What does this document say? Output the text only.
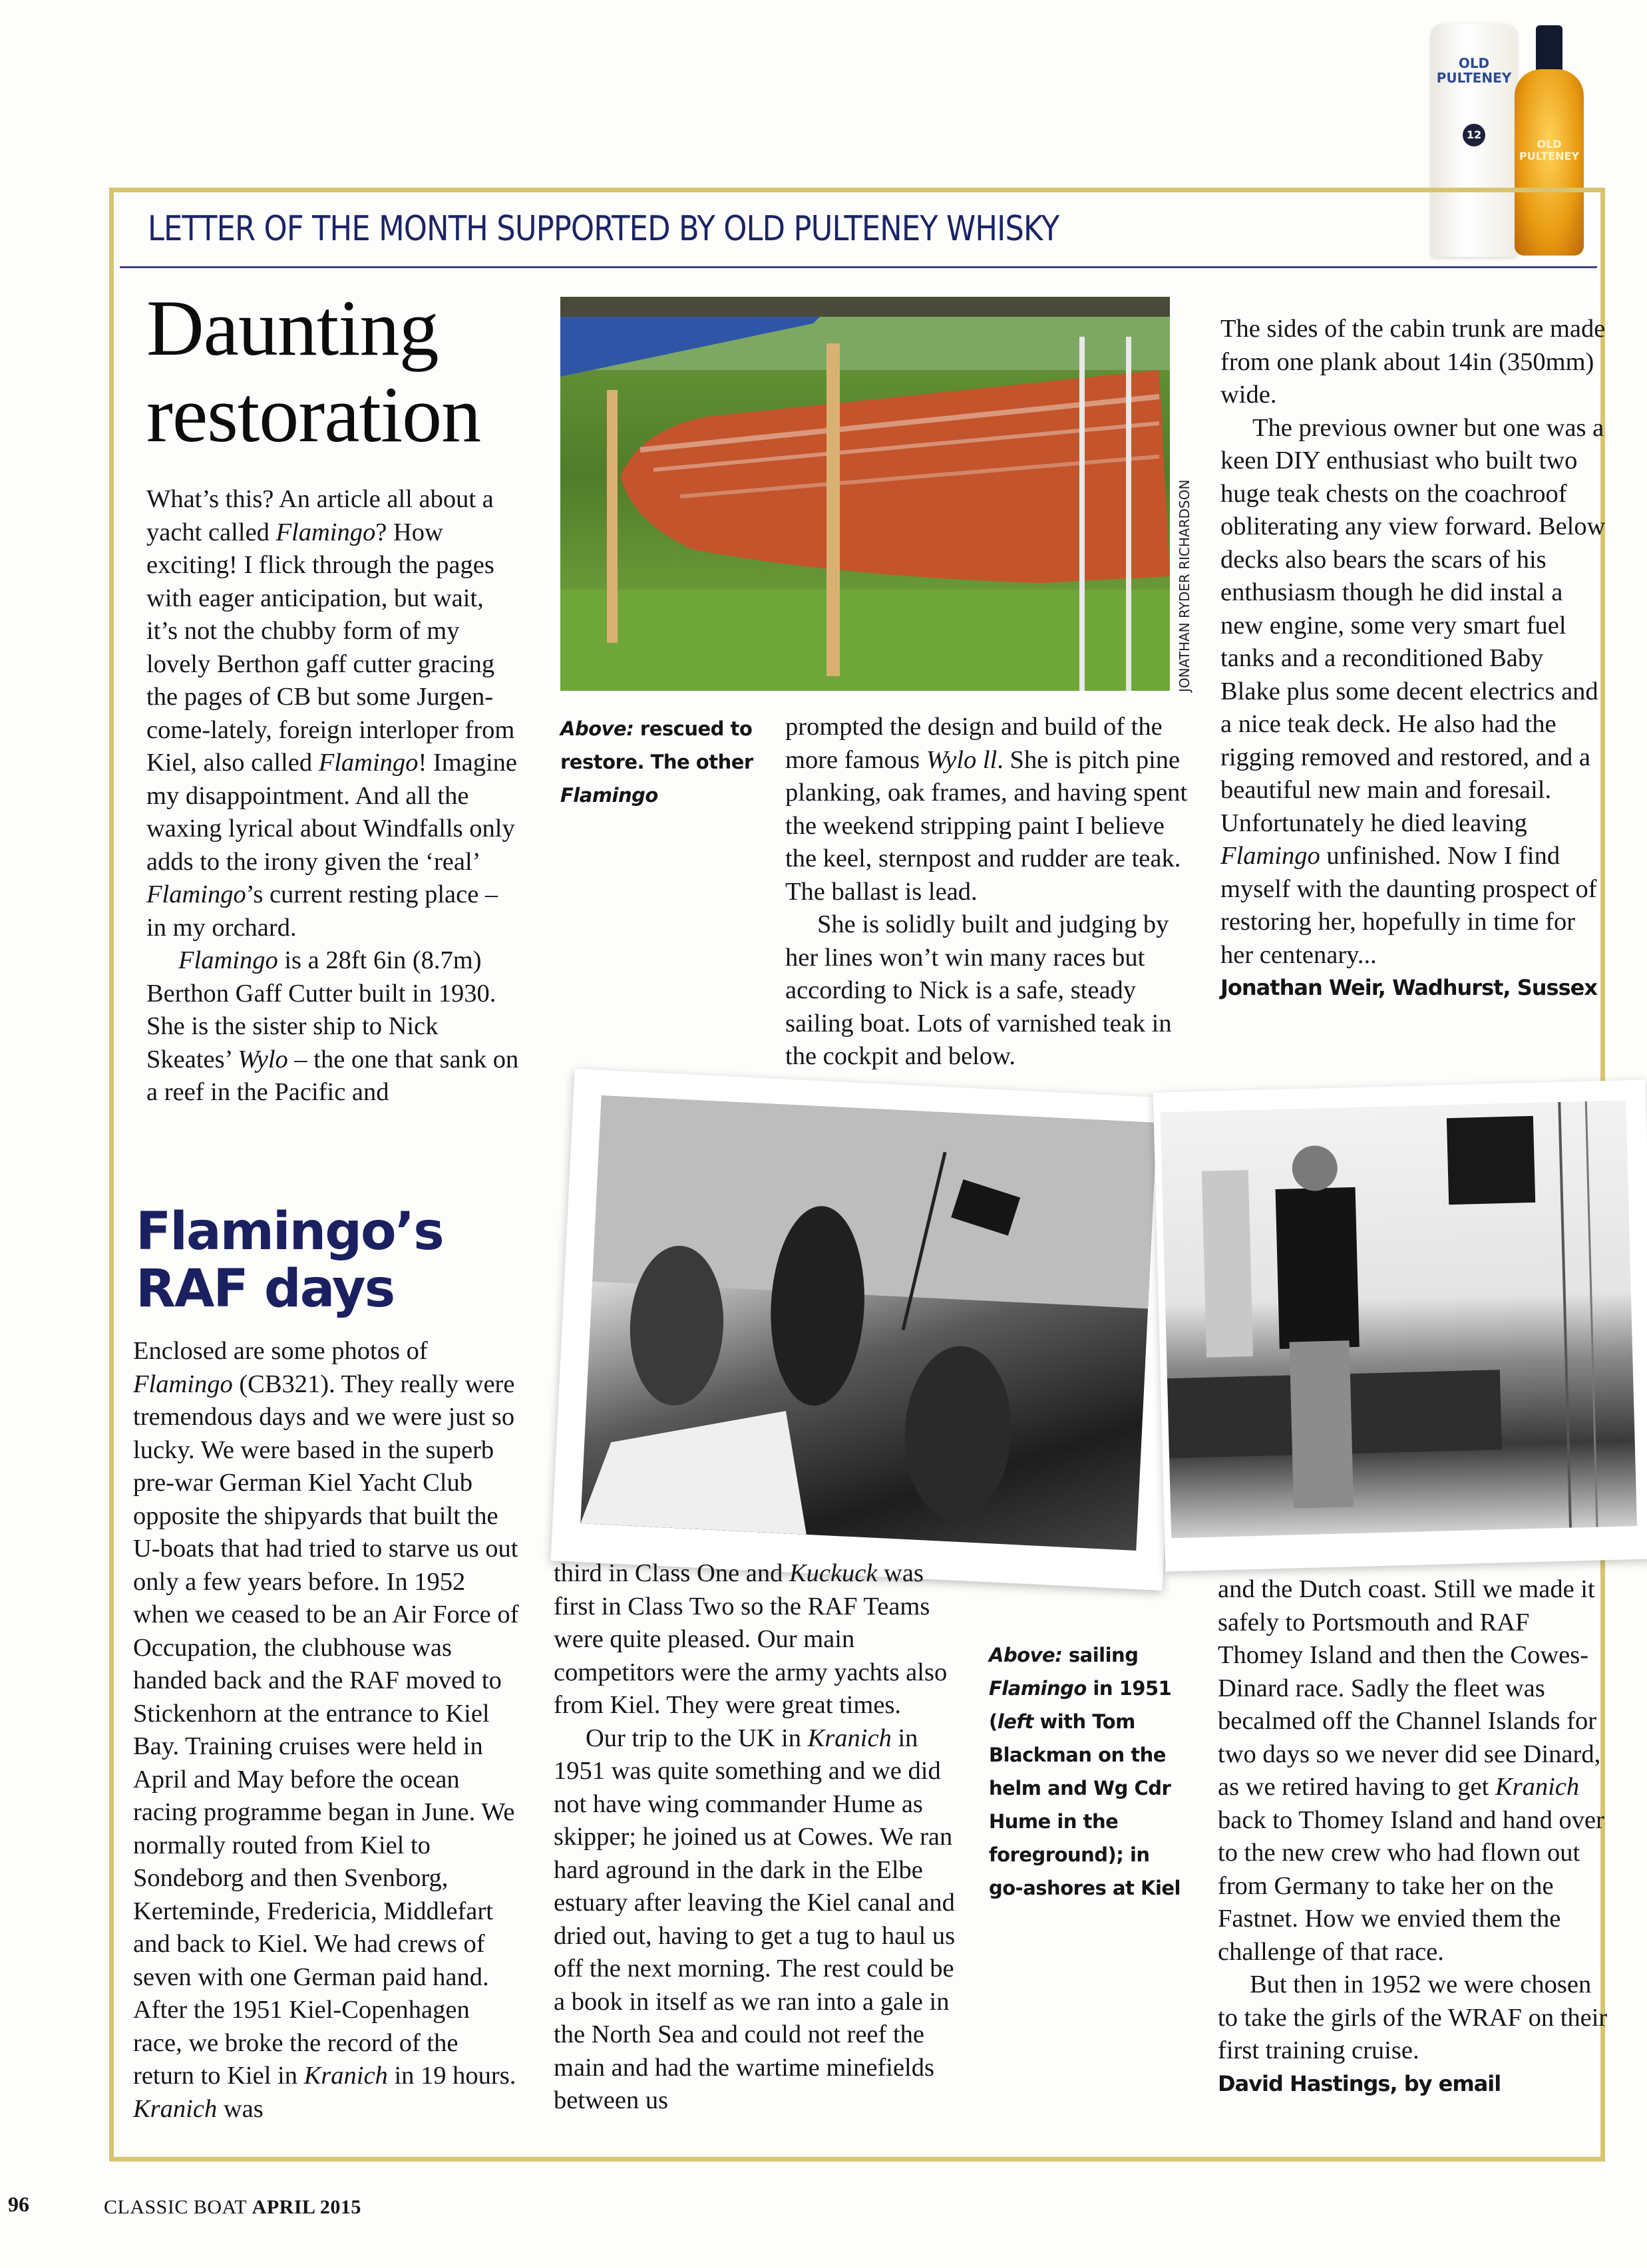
OLD
PULTENEY
12
OLD
PULTENEY
LETTER OF THE MONTH SUPPORTED BY OLD PULTENEY WHISKY
Daunting
restoration

What’s this? An article all about a yacht called Flamingo? How exciting! I flick through the pages with eager anticipation, but wait, it’s not the chubby form of my lovely Berthon gaff cutter gracing the pages of CB but some Jurgen-come-lately, foreign interloper from Kiel, also called Flamingo! Imagine my disappointment. And all the waxing lyrical about Windfalls only adds to the irony given the ‘real’ Flamingo’s current resting place – in my orchard.

Flamingo is a 28ft 6in (8.7m) Berthon Gaff Cutter built in 1930. She is the sister ship to Nick Skeates’ Wylo – the one that sank on a reef in the Pacific and

JONATHAN RYDER RICHARDSON
Above: rescued to restore. The other Flamingo

prompted the design and build of the more famous Wylo ll. She is pitch pine planking, oak frames, and having spent the weekend stripping paint I believe the keel, sternpost and rudder are teak. The ballast is lead.

She is solidly built and judging by her lines won’t win many races but according to Nick is a safe, steady sailing boat. Lots of varnished teak in the cockpit and below.

The sides of the cabin trunk are made from one plank about 14in (350mm) wide.

The previous owner but one was a keen DIY enthusiast who built two huge teak chests on the coachroof obliterating any view forward. Below decks also bears the scars of his enthusiasm though he did instal a new engine, some very smart fuel tanks and a reconditioned Baby Blake plus some decent electrics and a nice teak deck. He also had the rigging removed and restored, and a beautiful new main and foresail. Unfortunately he died leaving Flamingo unfinished. Now I find myself with the daunting prospect of restoring her, hopefully in time for her centenary...

Jonathan Weir, Wadhurst, Sussex

Flamingo’s
RAF days

Enclosed are some photos of Flamingo (CB321). They really were tremendous days and we were just so lucky. We were based in the superb pre-war German Kiel Yacht Club opposite the shipyards that built the U-boats that had tried to starve us out only a few years before. In 1952 when we ceased to be an Air Force of Occupation, the clubhouse was handed back and the RAF moved to Stickenhorn at the entrance to Kiel Bay. Training cruises were held in April and May before the ocean racing programme began in June. We normally routed from Kiel to Sondeborg and then Svenborg, Kerteminde, Fredericia, Middlefart and back to Kiel. We had crews of seven with one German paid hand. After the 1951 Kiel-Copenhagen race, we broke the record of the return to Kiel in Kranich in 19 hours. Kranich was

third in Class One and Kuckuck was first in Class Two so the RAF Teams were quite pleased. Our main competitors were the army yachts also from Kiel. They were great times.

Our trip to the UK in Kranich in 1951 was quite something and we did not have wing commander Hume as skipper; he joined us at Cowes. We ran hard aground in the dark in the Elbe estuary after leaving the Kiel canal and dried out, having to get a tug to haul us off the next morning. The rest could be a book in itself as we ran into a gale in the North Sea and could not reef the main and had the wartime minefields between us

Above: sailing Flamingo in 1951 (left with Tom Blackman on the helm and Wg Cdr Hume in the foreground); in go-ashores at Kiel

and the Dutch coast. Still we made it safely to Portsmouth and RAF Thomey Island and then the Cowes-Dinard race. Sadly the fleet was becalmed off the Channel Islands for two days so we never did see Dinard, as we retired having to get Kranich back to Thomey Island and hand over to the new crew who had flown out from Germany to take her on the Fastnet. How we envied them the challenge of that race.

But then in 1952 we were chosen to take the girls of the WRAF on their first training cruise.

David Hastings, by email

96	CLASSIC BOAT APRIL 2015
